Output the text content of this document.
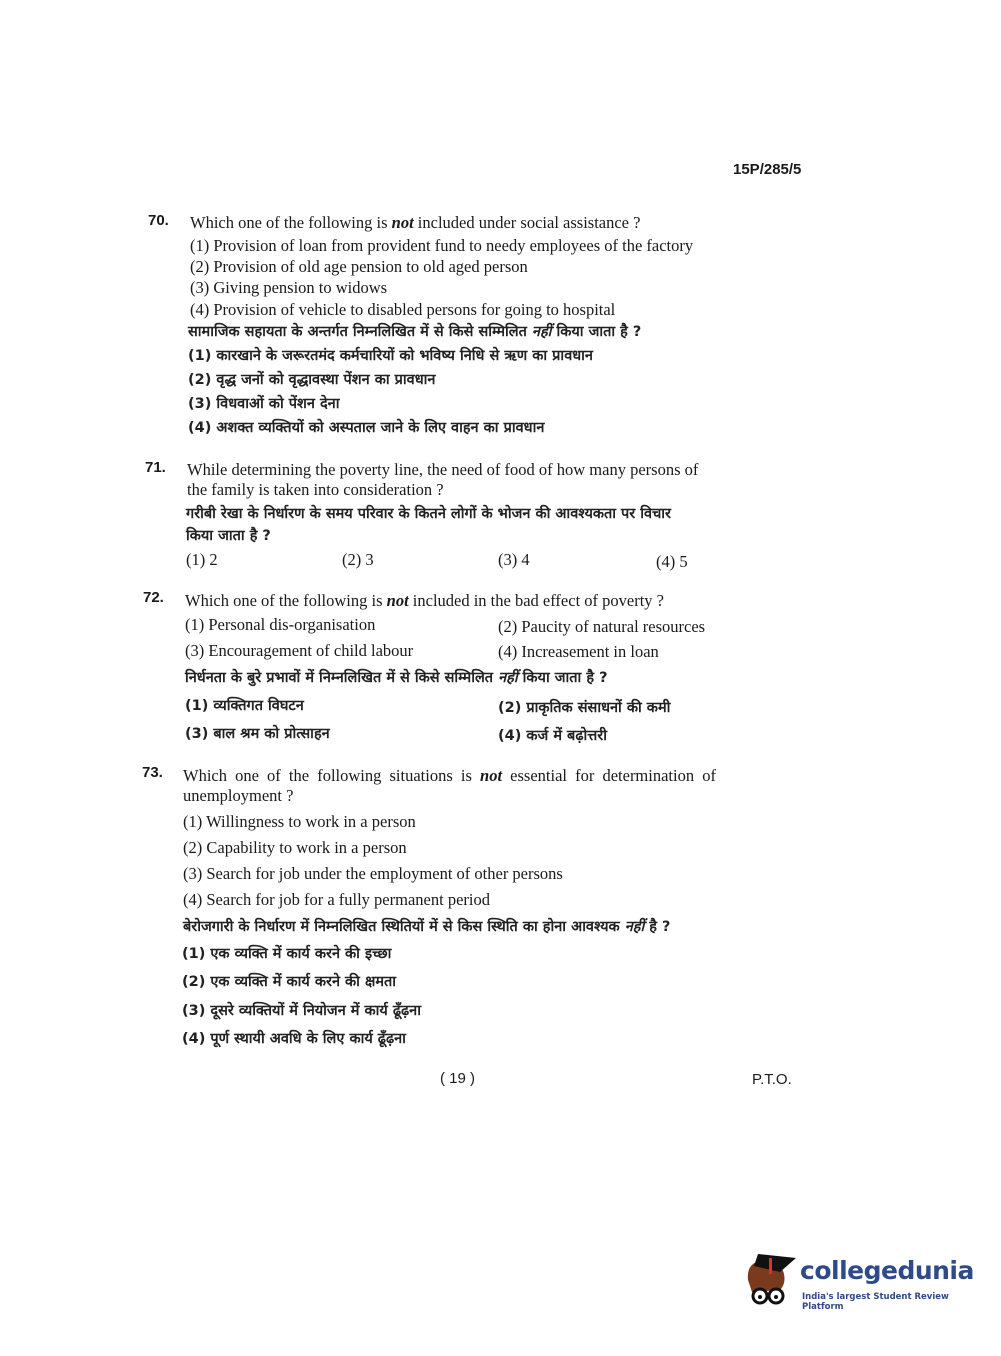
15P/285/5
70. Which one of the following is not included under social assistance ?
(1) Provision of loan from provident fund to needy employees of the factory
(2) Provision of old age pension to old aged person
(3) Giving pension to widows
(4) Provision of vehicle to disabled persons for going to hospital
सामाजिक सहायता के अन्तर्गत निम्नलिखित में से किसे सम्मिलित नहीं किया जाता है ?
(1) कारखाने के जरूरतमंद कर्मचारियों को भविष्य निधि से ऋण का प्रावधान
(2) वृद्ध जनों को वृद्धावस्था पेंशन का प्रावधान
(3) विधवाओं को पेंशन देना
(4) अशक्त व्यक्तियों को अस्पताल जाने के लिए वाहन का प्रावधान
71. While determining the poverty line, the need of food of how many persons of
the family is taken into consideration ?
गरीबी रेखा के निर्धारण के समय परिवार के कितने लोगों के भोजन की आवश्यकता पर विचार
किया जाता है ?
(1) 2	(2) 3	(3) 4	(4) 5
72. Which one of the following is not included in the bad effect of poverty ?
(1) Personal dis-organisation	(2) Paucity of natural resources
(3) Encouragement of child labour	(4) Increasement in loan
निर्धनता के बुरे प्रभावों में निम्नलिखित में से किसे सम्मिलित नहीं किया जाता है ?
(1) व्यक्तिगत विघटन	(2) प्राकृतिक संसाधनों की कमी
(3) बाल श्रम को प्रोत्साहन	(4) कर्ज में बढ़ोत्तरी
73. Which one of the following situations is not essential for determination of
unemployment ?
(1) Willingness to work in a person
(2) Capability to work in a person
(3) Search for job under the employment of other persons
(4) Search for job for a fully permanent period
बेरोजगारी के निर्धारण में निम्नलिखित स्थितियों में से किस स्थिति का होना आवश्यक नहीं है ?
(1) एक व्यक्ति में कार्य करने की इच्छा
(2) एक व्यक्ति में कार्य करने की क्षमता
(3) दूसरे व्यक्तियों में नियोजन में कार्य ढूँढ़ना
(4) पूर्ण स्थायी अवधि के लिए कार्य ढूँढ़ना
( 19 )	P.T.O.
collegedunia
India's largest Student Review Platform
